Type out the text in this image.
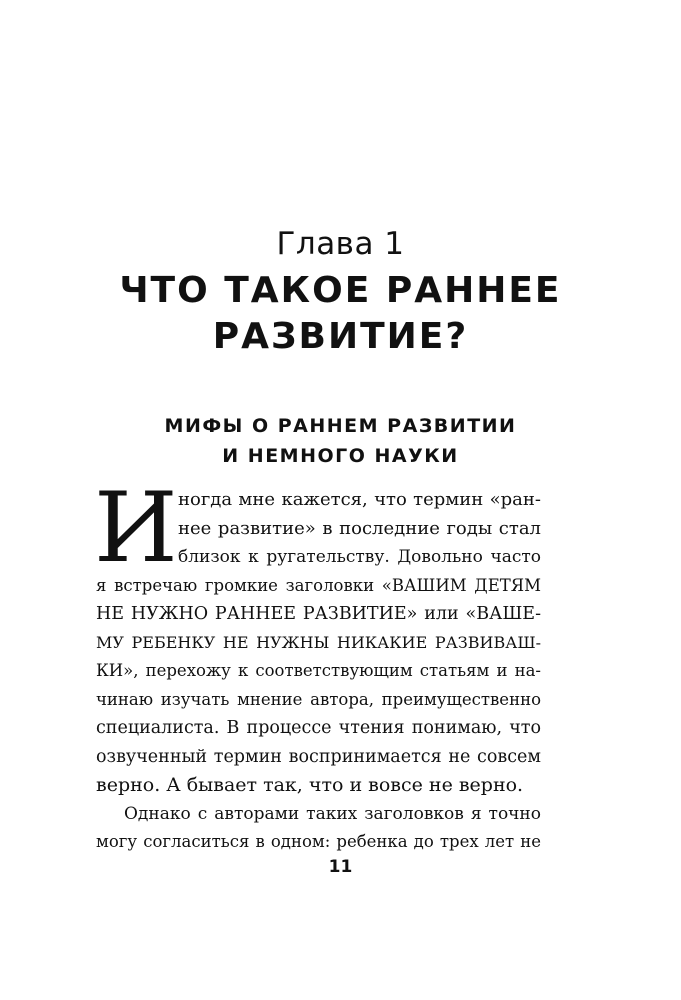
Глава 1
ЧТО ТАКОЕ РАННЕЕ
РАЗВИТИЕ?
МИФЫ О РАННЕМ РАЗВИТИИ
И НЕМНОГО НАУКИ
И ногда мне кажется, что термин «ран-
нее развитие» в последние годы стал
близок к ругательству. Довольно часто
я встречаю громкие заголовки «ВАШИМ ДЕТЯМ
НЕ НУЖНО РАННЕЕ РАЗВИТИЕ» или «ВАШЕ-
МУ РЕБЕНКУ НЕ НУЖНЫ НИКАКИЕ РАЗВИВАШ-
КИ», перехожу к соответствующим статьям и на-
чинаю изучать мнение автора, преимущественно
специалиста. В процессе чтения понимаю, что
озвученный термин воспринимается не совсем
верно. А бывает так, что и вовсе не верно.
Однако с авторами таких заголовков я точно
могу согласиться в одном: ребенка до трех лет не
11
